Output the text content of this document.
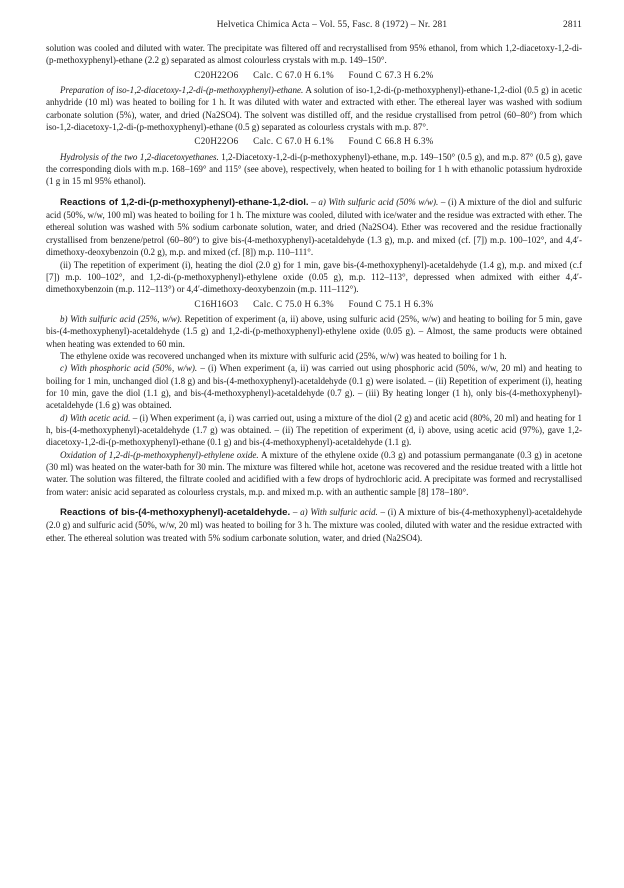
Helvetica Chimica Acta – Vol. 55, Fasc. 8 (1972) – Nr. 281	2811

solution was cooled and diluted with water. The precipitate was filtered off and recrystallised from 95% ethanol, from which 1,2-diacetoxy-1,2-di-(p-methoxyphenyl)-ethane (2.2 g) separated as almost colourless crystals with m.p. 149–150°.

C20H22O6 Calc. C 67.0 H 6.1% Found C 67.3 H 6.2%

Preparation of iso-1,2-diacetoxy-1,2-di-(p-methoxyphenyl)-ethane. A solution of iso-1,2-di-(p-methoxyphenyl)-ethane-1,2-diol (0.5 g) in acetic anhydride (10 ml) was heated to boiling for 1 h. It was diluted with water and extracted with ether. The ethereal layer was washed with sodium carbonate solution (5%), water, and dried (Na2SO4). The solvent was distilled off, and the residue crystallised from petrol (60–80°) from which iso-1,2-diacetoxy-1,2-di-(p-methoxyphenyl)-ethane (0.5 g) separated as colourless crystals with m.p. 87°.

C20H22O6 Calc. C 67.0 H 6.1% Found C 66.8 H 6.3%

Hydrolysis of the two 1,2-diacetoxyethanes. 1,2-Diacetoxy-1,2-di-(p-methoxyphenyl)-ethane, m.p. 149–150° (0.5 g), and m.p. 87° (0.5 g), gave the corresponding diols with m.p. 168–169° and 115° (see above), respectively, when heated to boiling for 1 h with ethanolic potassium hydroxide (1 g in 15 ml 95% ethanol).

Reactions of 1,2-di-(p-methoxyphenyl)-ethane-1,2-diol. – a) With sulfuric acid (50% w/w). – (i) A mixture of the diol and sulfuric acid (50%, w/w, 100 ml) was heated to boiling for 1 h. The mixture was cooled, diluted with ice/water and the residue was extracted with ether. The ethereal solution was washed with 5% sodium carbonate solution, water, and dried (Na2SO4). Ether was recovered and the residue fractionally crystallised from benzene/petrol (60–80°) to give bis-(4-methoxyphenyl)-acetaldehyde (1.3 g), m.p. and mixed (cf. [7]) m.p. 100–102°, and 4,4′-dimethoxy-deoxybenzoin (0.2 g), m.p. and mixed (cf. [8]) m.p. 110–111°.

(ii) The repetition of experiment (i), heating the diol (2.0 g) for 1 min, gave bis-(4-methoxyphenyl)-acetaldehyde (1.4 g), m.p. and mixed (c.f [7]) m.p. 100–102°, and 1,2-di-(p-methoxyphenyl)-ethylene oxide (0.05 g), m.p. 112–113°, depressed when admixed with either 4,4′-dimethoxybenzoin (m.p. 112–113°) or 4,4′-dimethoxy-deoxybenzoin (m.p. 111–112°).

C16H16O3 Calc. C 75.0 H 6.3% Found C 75.1 H 6.3%

b) With sulfuric acid (25%, w/w). Repetition of experiment (a, ii) above, using sulfuric acid (25%, w/w) and heating to boiling for 5 min, gave bis-(4-methoxyphenyl)-acetaldehyde (1.5 g) and 1,2-di-(p-methoxyphenyl)-ethylene oxide (0.05 g). – Almost, the same products were obtained when heating was extended to 60 min.

The ethylene oxide was recovered unchanged when its mixture with sulfuric acid (25%, w/w) was heated to boiling for 1 h.

c) With phosphoric acid (50%, w/w). – (i) When experiment (a, ii) was carried out using phosphoric acid (50%, w/w, 20 ml) and heating to boiling for 1 min, unchanged diol (1.8 g) and bis-(4-methoxyphenyl)-acetaldehyde (0.1 g) were isolated. – (ii) Repetition of experiment (i), heating for 10 min, gave the diol (1.1 g), and bis-(4-methoxyphenyl)-acetaldehyde (0.7 g). – (iii) By heating longer (1 h), only bis-(4-methoxyphenyl)-acetaldehyde (1.6 g) was obtained.

d) With acetic acid. – (i) When experiment (a, i) was carried out, using a mixture of the diol (2 g) and acetic acid (80%, 20 ml) and heating for 1 h, bis-(4-methoxyphenyl)-acetaldehyde (1.7 g) was obtained. – (ii) The repetition of experiment (d, i) above, using acetic acid (97%), gave 1,2-diacetoxy-1,2-di-(p-methoxyphenyl)-ethane (0.1 g) and bis-(4-methoxyphenyl)-acetaldehyde (1.1 g).

Oxidation of 1,2-di-(p-methoxyphenyl)-ethylene oxide. A mixture of the ethylene oxide (0.3 g) and potassium permanganate (0.3 g) in acetone (30 ml) was heated on the water-bath for 30 min. The mixture was filtered while hot, acetone was recovered and the residue treated with a little hot water. The solution was filtered, the filtrate cooled and acidified with a few drops of hydrochloric acid. A precipitate was formed and recrystallised from water: anisic acid separated as colourless crystals, m.p. and mixed m.p. with an authentic sample [8] 178–180°.

Reactions of bis-(4-methoxyphenyl)-acetaldehyde. – a) With sulfuric acid. – (i) A mixture of bis-(4-methoxyphenyl)-acetaldehyde (2.0 g) and sulfuric acid (50%, w/w, 20 ml) was heated to boiling for 3 h. The mixture was cooled, diluted with water and the residue extracted with ether. The ethereal solution was treated with 5% sodium carbonate solution, water, and dried (Na2SO4).
